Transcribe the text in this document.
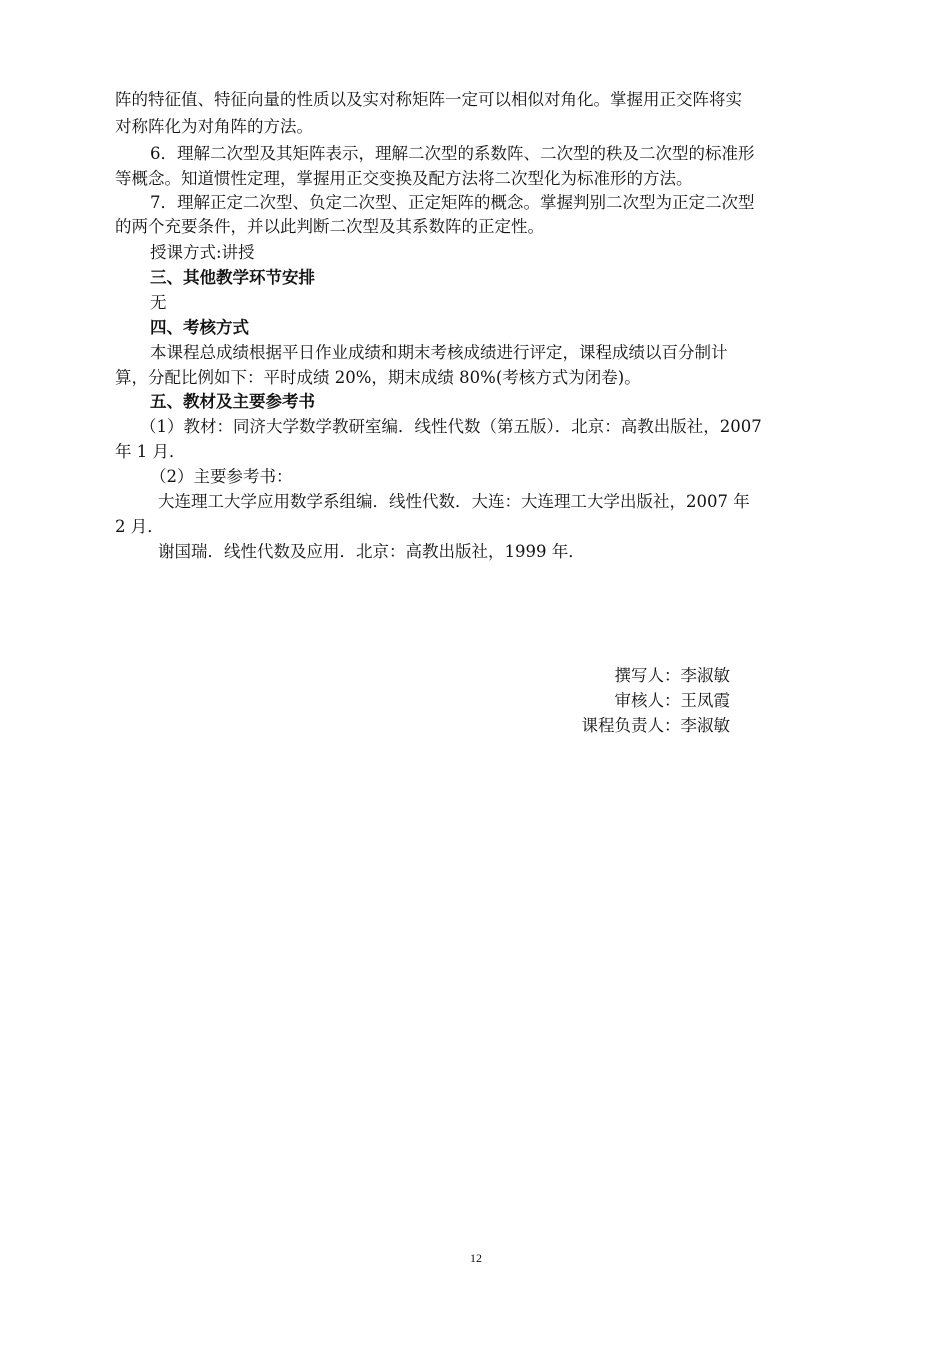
阵的特征值、特征向量的性质以及实对称矩阵一定可以相似对角化。掌握用正交阵将实

对称阵化为对角阵的方法。

6．理解二次型及其矩阵表示，理解二次型的系数阵、二次型的秩及二次型的标准形

等概念。知道惯性定理，掌握用正交变换及配方法将二次型化为标准形的方法。

7．理解正定二次型、负定二次型、正定矩阵的概念。掌握判别二次型为正定二次型

的两个充要条件，并以此判断二次型及其系数阵的正定性。

授课方式:讲授

三、其他教学环节安排

无

四、考核方式

本课程总成绩根据平日作业成绩和期末考核成绩进行评定，课程成绩以百分制计

算，分配比例如下：平时成绩 20%，期末成绩 80%(考核方式为闭卷)。

五、教材及主要参考书

（1）教材：同济大学数学教研室编．线性代数（第五版）．北京：高教出版社，2007

年 1 月．

（2）主要参考书：

大连理工大学应用数学系组编．线性代数．大连：大连理工大学出版社，2007 年

2 月．

谢国瑞．线性代数及应用．北京：高教出版社，1999 年．

撰写人：李淑敏

审核人：王凤霞

课程负责人：李淑敏

12
